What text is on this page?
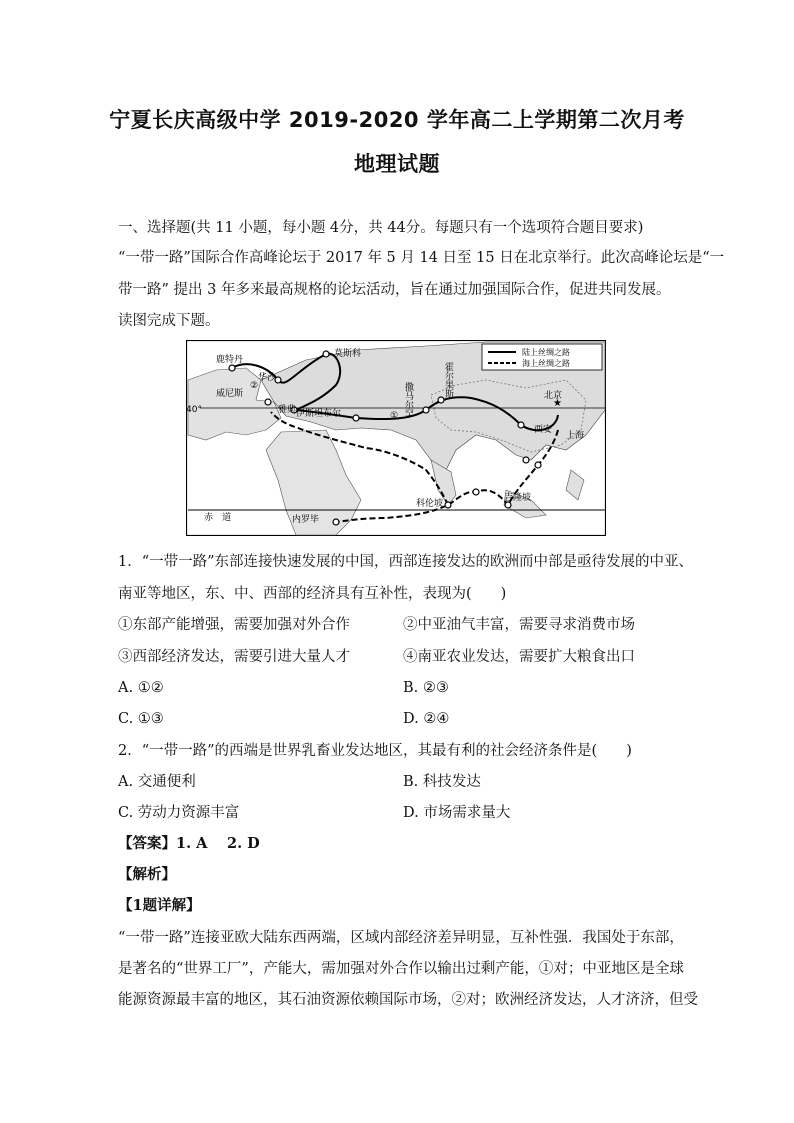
宁夏长庆高级中学 2019-2020 学年高二上学期第二次月考
地理试题
一、选择题(共 11 小题，每小题 4分，共 44分。每题只有一个选项符合题目要求)
“一带一路”国际合作高峰论坛于 2017 年 5 月 14 日至 15 日在北京举行。此次高峰论坛是“一
带一路” 提出 3 年多来最高规格的论坛活动，旨在通过加强国际合作，促进共同发展。
读图完成下题。
★
陆上丝绸之路
海上丝绸之路
鹿特丹
莫斯科
华沙
威尼斯
②
雅典 伊斯坦布尔	①
北京
西安
上海
科伦坡
内罗毕
吉隆坡
赤　道
40°	撒马尔罕
霍尔果斯
1．“一带一路”东部连接快速发展的中国，西部连接发达的欧洲而中部是亟待发展的中亚、
南亚等地区，东、中、西部的经济具有互补性，表现为(　　)
①东部产能增强，需要加强对外合作	②中亚油气丰富，需要寻求消费市场
③西部经济发达，需要引进大量人才	④南亚农业发达，需要扩大粮食出口
A. ①②	B. ②③
C. ①③	D. ②④
2．“一带一路”的西端是世界乳畜业发达地区，其最有利的社会经济条件是(　　)
A. 交通便利	B. 科技发达
C. 劳动力资源丰富	D. 市场需求量大
【答案】1. A　 2. D
【解析】
【1题详解】
“一带一路”连接亚欧大陆东西两端，区域内部经济差异明显，互补性强．我国处于东部，
是著名的“世界工厂”，产能大，需加强对外合作以输出过剩产能，①对；中亚地区是全球
能源资源最丰富的地区，其石油资源依赖国际市场，②对；欧洲经济发达，人才济济，但受
